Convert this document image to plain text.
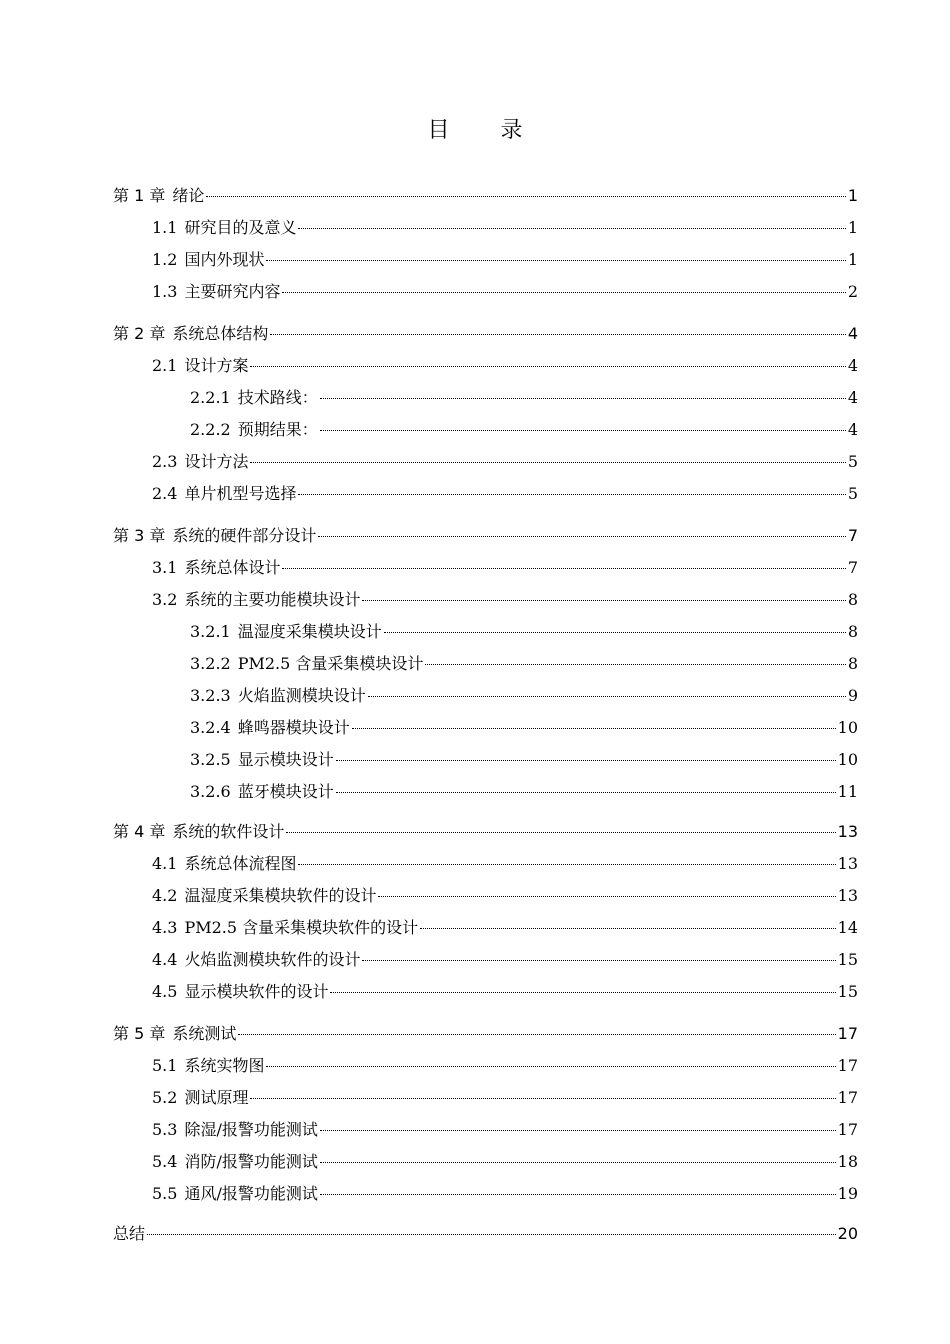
目 录
第 1 章 绪论	1
1.1 研究目的及意义	1
1.2 国内外现状	1
1.3 主要研究内容	2
第 2 章 系统总体结构	4
2.1 设计方案	4
2.2.1 技术路线：	4
2.2.2 预期结果：	4
2.3 设计方法	5
2.4 单片机型号选择	5
第 3 章 系统的硬件部分设计	7
3.1 系统总体设计	7
3.2 系统的主要功能模块设计	8
3.2.1 温湿度采集模块设计	8
3.2.2 PM2.5 含量采集模块设计	8
3.2.3 火焰监测模块设计	9
3.2.4 蜂鸣器模块设计	10
3.2.5 显示模块设计	10
3.2.6 蓝牙模块设计	11
第 4 章 系统的软件设计	13
4.1 系统总体流程图	13
4.2 温湿度采集模块软件的设计	13
4.3 PM2.5 含量采集模块软件的设计	14
4.4 火焰监测模块软件的设计	15
4.5 显示模块软件的设计	15
第 5 章 系统测试	17
5.1 系统实物图	17
5.2 测试原理	17
5.3 除湿/报警功能测试	17
5.4 消防/报警功能测试	18
5.5 通风/报警功能测试	19
总结	20
